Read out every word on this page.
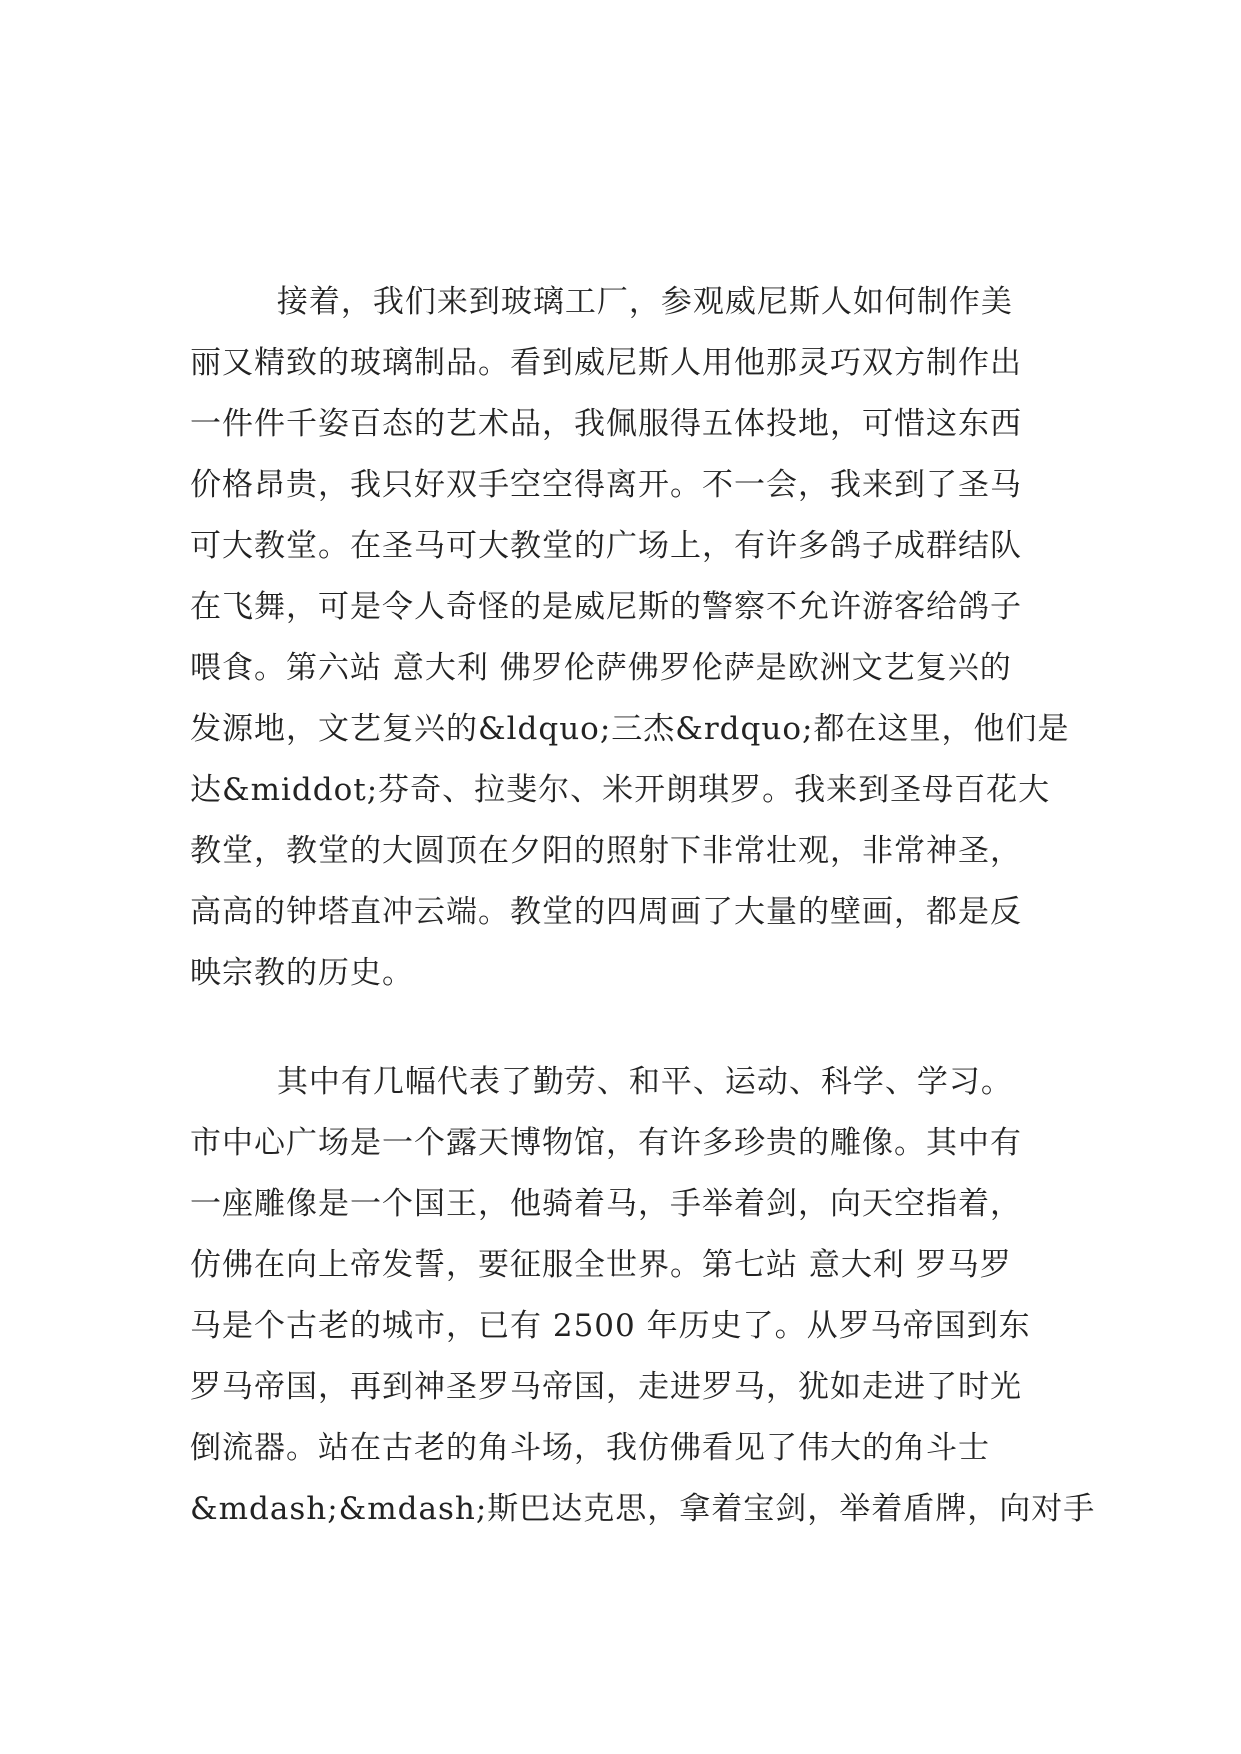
接着，我们来到玻璃工厂，参观威尼斯人如何制作美
丽又精致的玻璃制品。看到威尼斯人用他那灵巧双方制作出
一件件千姿百态的艺术品，我佩服得五体投地，可惜这东西
价格昂贵，我只好双手空空得离开。不一会，我来到了圣马
可大教堂。在圣马可大教堂的广场上，有许多鸽子成群结队
在飞舞，可是令人奇怪的是威尼斯的警察不允许游客给鸽子
喂食。第六站 意大利 佛罗伦萨佛罗伦萨是欧洲文艺复兴的
发源地，文艺复兴的&ldquo;三杰&rdquo;都在这里，他们是
达&middot;芬奇、拉斐尔、米开朗琪罗。我来到圣母百花大
教堂，教堂的大圆顶在夕阳的照射下非常壮观，非常神圣，
高高的钟塔直冲云端。教堂的四周画了大量的壁画，都是反
映宗教的历史。
其中有几幅代表了勤劳、和平、运动、科学、学习。
市中心广场是一个露天博物馆，有许多珍贵的雕像。其中有
一座雕像是一个国王，他骑着马，手举着剑，向天空指着，
仿佛在向上帝发誓，要征服全世界。第七站 意大利 罗马罗
马是个古老的城市，已有 2500 年历史了。从罗马帝国到东
罗马帝国，再到神圣罗马帝国，走进罗马，犹如走进了时光
倒流器。站在古老的角斗场，我仿佛看见了伟大的角斗士
&mdash;&mdash;斯巴达克思，拿着宝剑，举着盾牌，向对手
